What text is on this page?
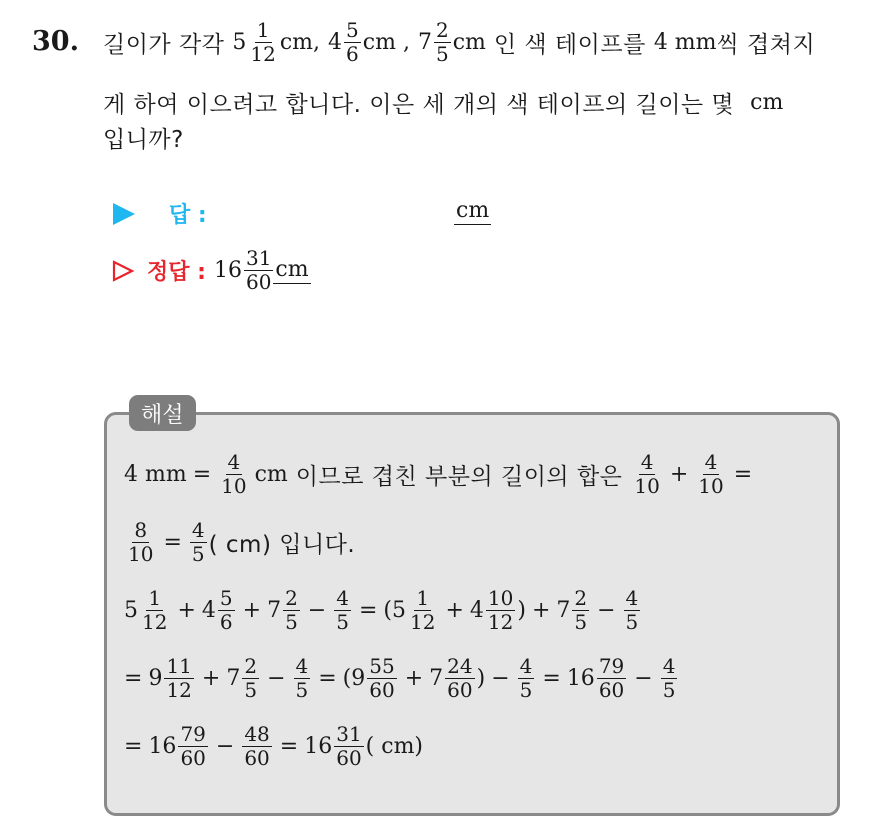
30. 길이가 각각 $5 \frac{1}{12}$ cm, $4 \frac{5}{6}$ cm , $7 \frac{2}{5}$ cm 인 색 테이프를 4 mm 씩 겹쳐지
게 하여 이으려고 합니다. 이은 세 개의 색 테이프의 길이는 몇 cm
입니까?
답 :	cm
정답 : $16 \frac{31}{60}$ cm
해설
4 mm = $\frac{4}{10}$ cm 이므로 겹친 부분의 길이의 합은 $\frac{4}{10} + \frac{4}{10}$ =
$\frac{8}{10} = \frac{4}{5}$ ( cm) 입니다.
$5 \frac{1}{12} + 4 \frac{5}{6} + 7 \frac{2}{5} - \frac{4}{5}$ = ( $5 \frac{1}{12} + 4 \frac{10}{12}$ ) + $7 \frac{2}{5} - \frac{4}{5}$
= $9 \frac{11}{12} + 7 \frac{2}{5} - \frac{4}{5}$ = ( $9 \frac{55}{60} + 7 \frac{24}{60}$ ) − $\frac{4}{5} = 16 \frac{79}{60} - \frac{4}{5}$
= $16 \frac{79}{60} - \frac{48}{60} = 16 \frac{31}{60}$ ( cm)
